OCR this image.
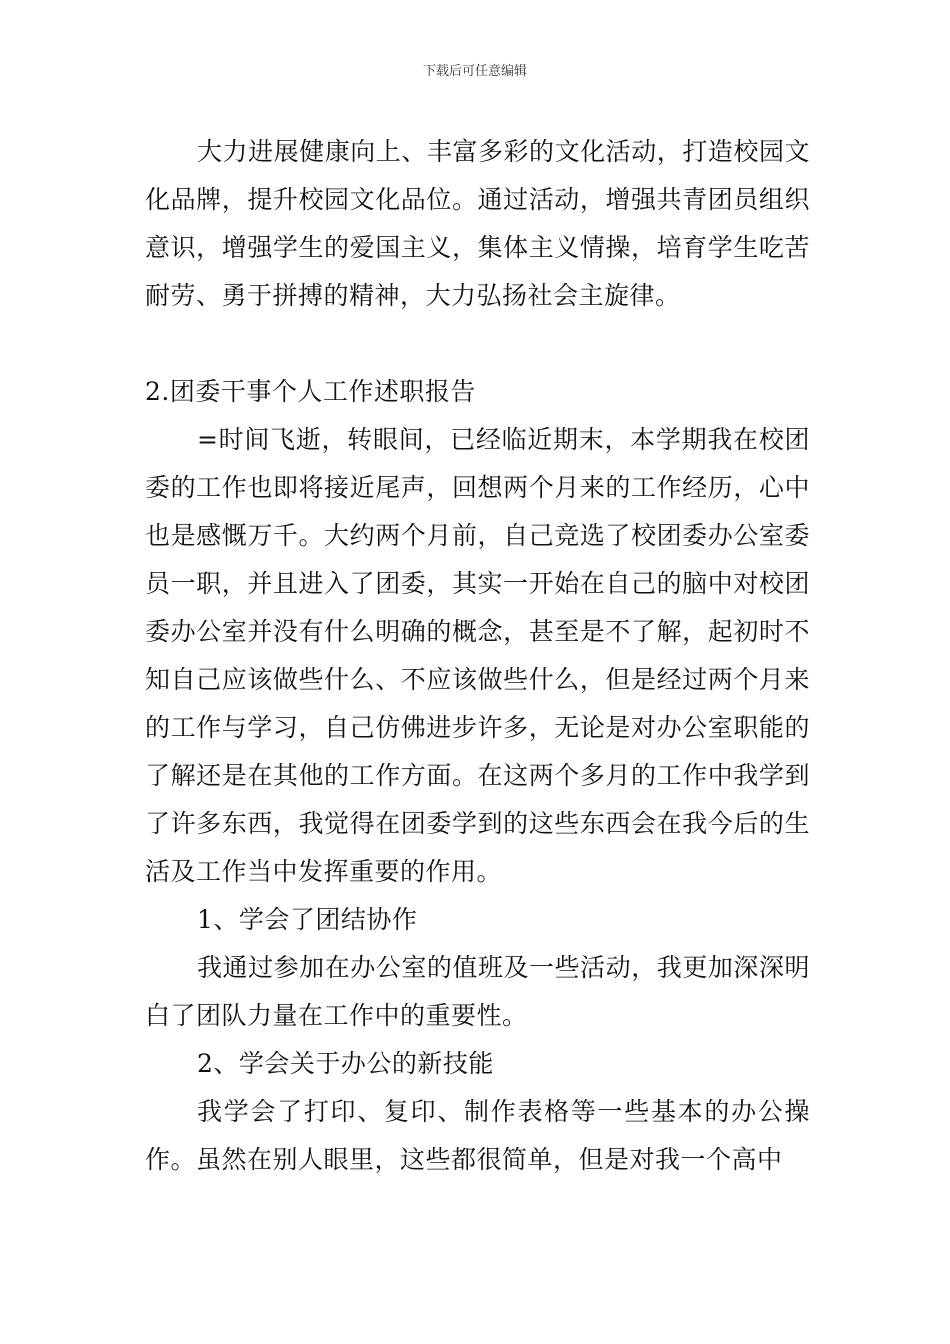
下载后可任意编辑

大力进展健康向上、丰富多彩的文化活动，打造校园文化品牌，提升校园文化品位。通过活动，增强共青团员组织意识，增强学生的爱国主义，集体主义情操，培育学生吃苦耐劳、勇于拼搏的精神，大力弘扬社会主旋律。

2.团委干事个人工作述职报告

=时间飞逝，转眼间，已经临近期末，本学期我在校团委的工作也即将接近尾声，回想两个月来的工作经历，心中也是感慨万千。大约两个月前，自己竞选了校团委办公室委员一职，并且进入了团委，其实一开始在自己的脑中对校团委办公室并没有什么明确的概念，甚至是不了解，起初时不知自己应该做些什么、不应该做些什么，但是经过两个月来的工作与学习，自己仿佛进步许多，无论是对办公室职能的了解还是在其他的工作方面。在这两个多月的工作中我学到了许多东西，我觉得在团委学到的这些东西会在我今后的生活及工作当中发挥重要的作用。

1、学会了团结协作

我通过参加在办公室的值班及一些活动，我更加深深明白了团队力量在工作中的重要性。

2、学会关于办公的新技能

我学会了打印、复印、制作表格等一些基本的办公操作。虽然在别人眼里，这些都很简单，但是对我一个高中
